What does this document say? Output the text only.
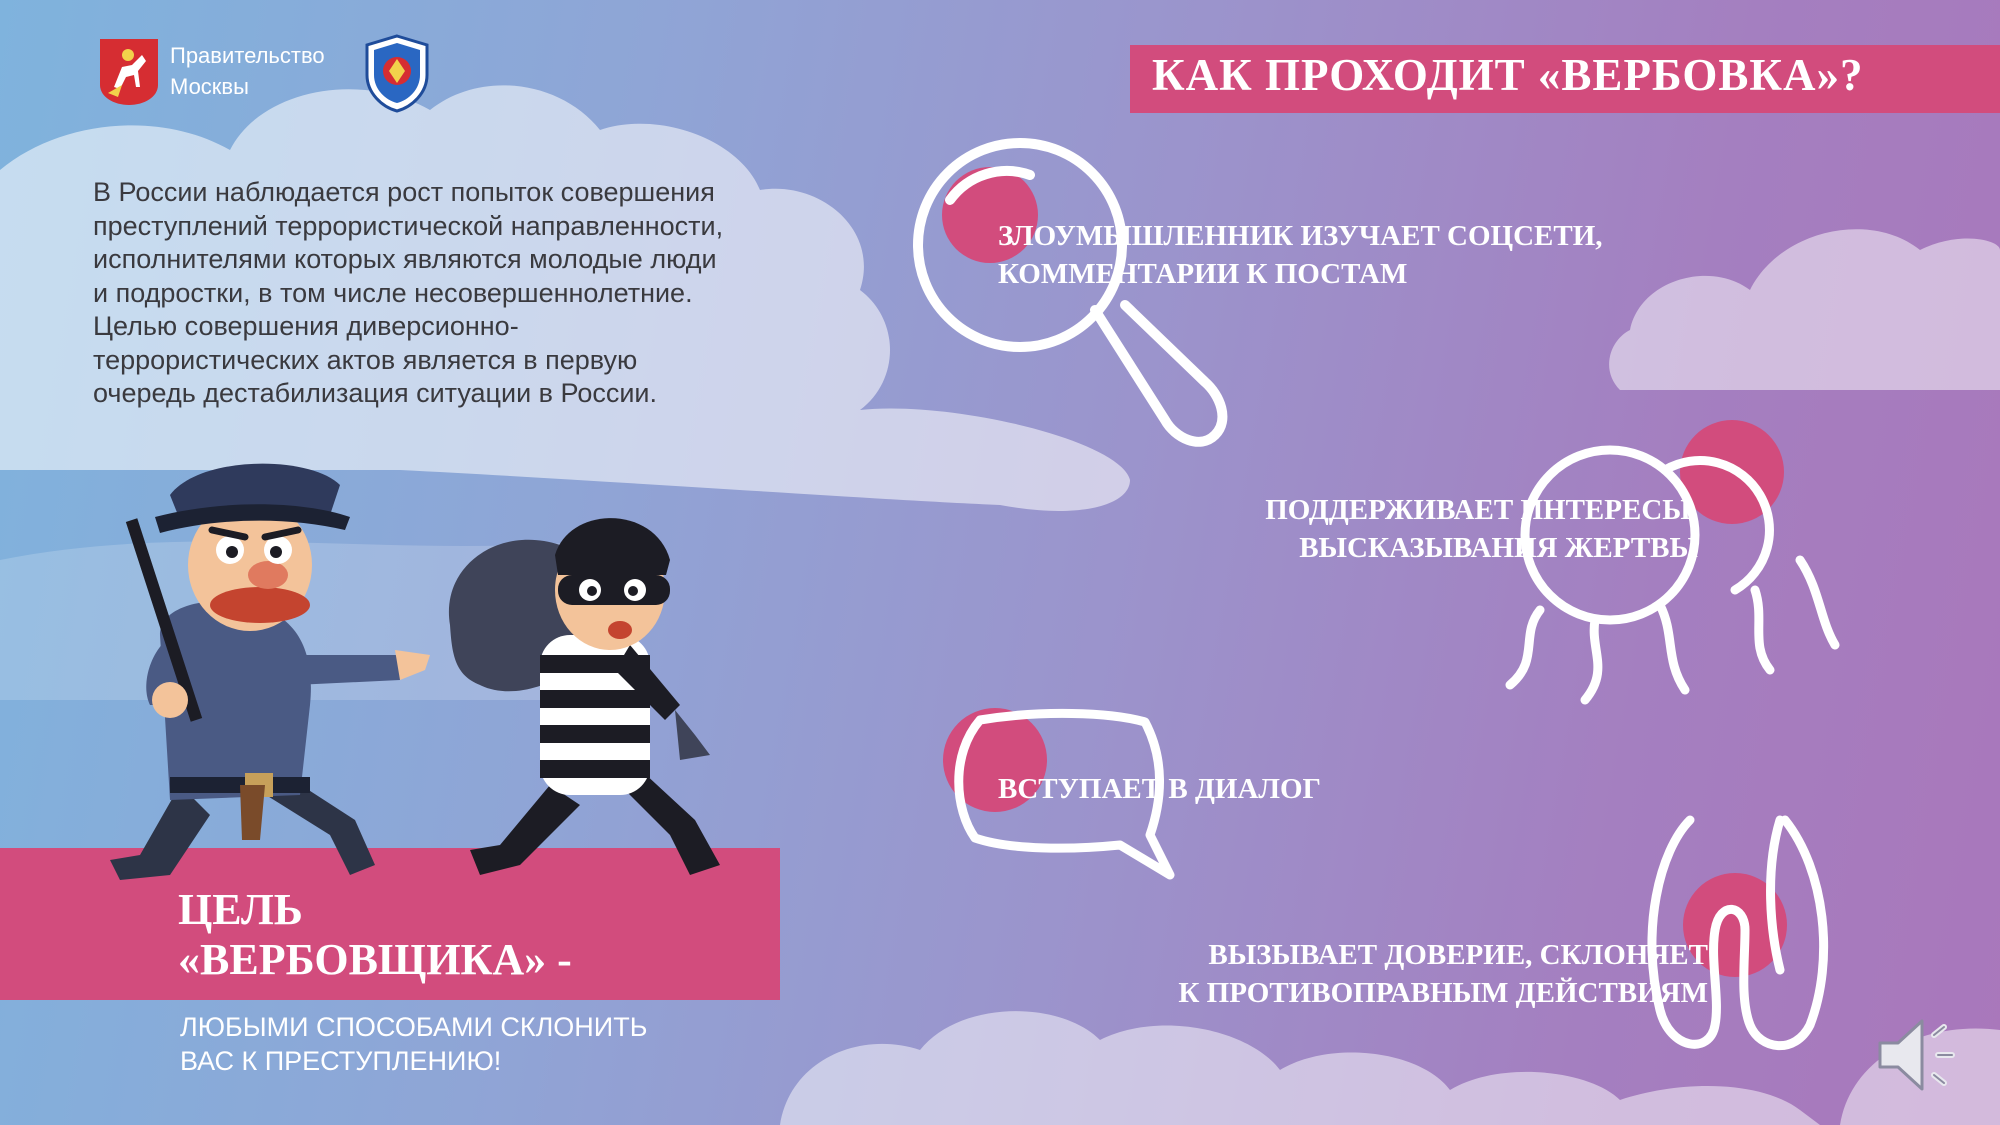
Правительство
Москвы

В России наблюдается рост попыток совершения преступлений террористической направленности, исполнителями которых являются молодые люди и подростки, в том числе несовершеннолетние. Целью совершения диверсионно-террористических актов является в первую очередь дестабилизация ситуации в России.

КАК ПРОХОДИТ «ВЕРБОВКА»?
ЗЛОУМЫШЛЕННИК ИЗУЧАЕТ СОЦСЕТИ,
КОММЕНТАРИИ К ПОСТАМ
ПОДДЕРЖИВАЕТ ИНТЕРЕСЫ,
ВЫСКАЗЫВАНИЯ ЖЕРТВЫ
ВСТУПАЕТ В ДИАЛОГ
ВЫЗЫВАЕТ ДОВЕРИЕ, СКЛОНЯЕТ
К ПРОТИВОПРАВНЫМ ДЕЙСТВИЯМ
ЦЕЛЬ
«ВЕРБОВЩИКА» -
ЛЮБЫМИ СПОСОБАМИ СКЛОНИТЬ
ВАС К ПРЕСТУПЛЕНИЮ!
